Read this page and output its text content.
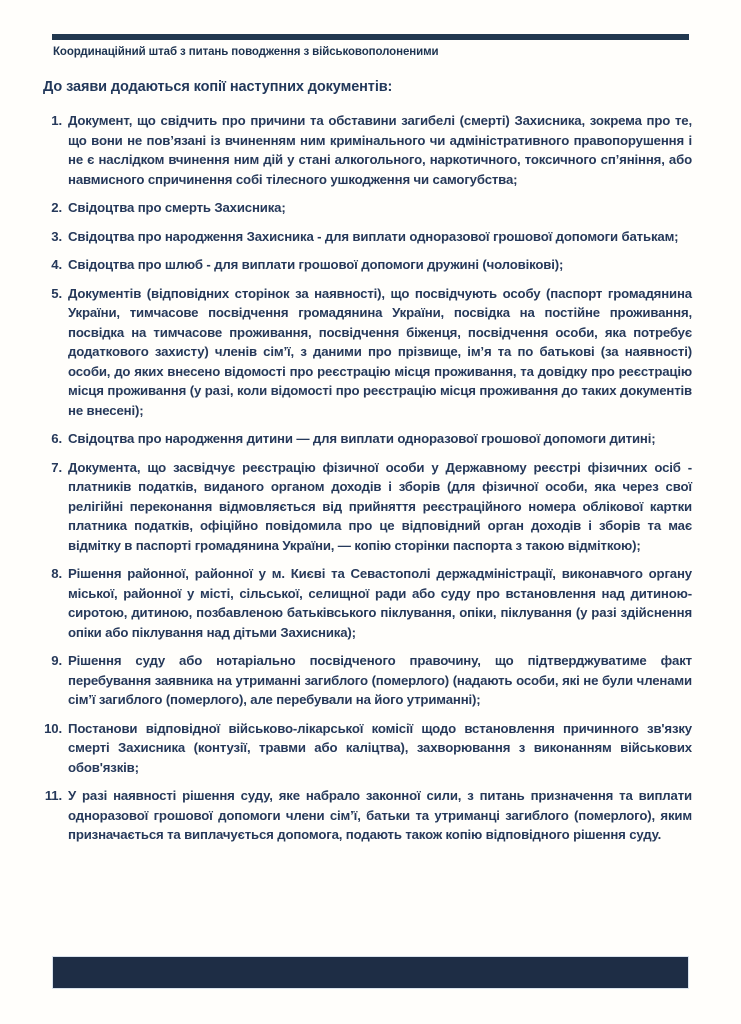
Координаційний штаб з питань поводження з військовополоненими
До заяви додаються копії наступних документів:
1. Документ, що свідчить про причини та обставини загибелі (смерті) Захисника, зокрема про те, що вони не пов’язані із вчиненням ним кримінального чи адміністративного правопорушення і не є наслідком вчинення ним дій у стані алкогольного, наркотичного, токсичного сп’яніння, або навмисного спричинення собі тілесного ушкодження чи самогубства;
2. Свідоцтва про смерть Захисника;
3. Свідоцтва про народження Захисника - для виплати одноразової грошової допомоги батькам;
4. Свідоцтва про шлюб - для виплати грошової допомоги дружині (чоловікові);
5. Документів (відповідних сторінок за наявності), що посвідчують особу (паспорт громадянина України, тимчасове посвідчення громадянина України, посвідка на постійне проживання, посвідка на тимчасове проживання, посвідчення біженця, посвідчення особи, яка потребує додаткового захисту) членів сім’ї, з даними про прізвище, ім’я та по батькові (за наявності) особи, до яких внесено відомості про реєстрацію місця проживання, та довідку про реєстрацію місця проживання (у разі, коли відомості про реєстрацію місця проживання до таких документів не внесені);
6. Свідоцтва про народження дитини — для виплати одноразової грошової допомоги дитині;
7. Документа, що засвідчує реєстрацію фізичної особи у Державному реєстрі фізичних осіб - платників податків, виданого органом доходів і зборів (для фізичної особи, яка через свої релігійні переконання відмовляється від прийняття реєстраційного номера облікової картки платника податків, офіційно повідомила про це відповідний орган доходів і зборів та має відмітку в паспорті громадянина України, — копію сторінки паспорта з такою відміткою);
8. Рішення районної, районної у м. Києві та Севастополі держадміністрації, виконавчого органу міської, районної у місті, сільської, селищної ради або суду про встановлення над дитиною-сиротою, дитиною, позбавленою батьківського піклування, опіки, піклування (у разі здійснення опіки або піклування над дітьми Захисника);
9. Рішення суду або нотаріально посвідченого правочину, що підтверджуватиме факт перебування заявника на утриманні загиблого (померлого) (надають особи, які не були членами сім’ї загиблого (померлого), але перебували на його утриманні);
10. Постанови відповідної військово-лікарської комісії щодо встановлення причинного зв'язку смерті Захисника (контузії, травми або каліцтва), захворювання з виконанням військових обов'язків;
11. У разі наявності рішення суду, яке набрало законної сили, з питань призначення та виплати одноразової грошової допомоги члени сім’ї, батьки та утриманці загиблого (померлого), яким призначається та виплачується допомога, подають також копію відповідного рішення суду.
